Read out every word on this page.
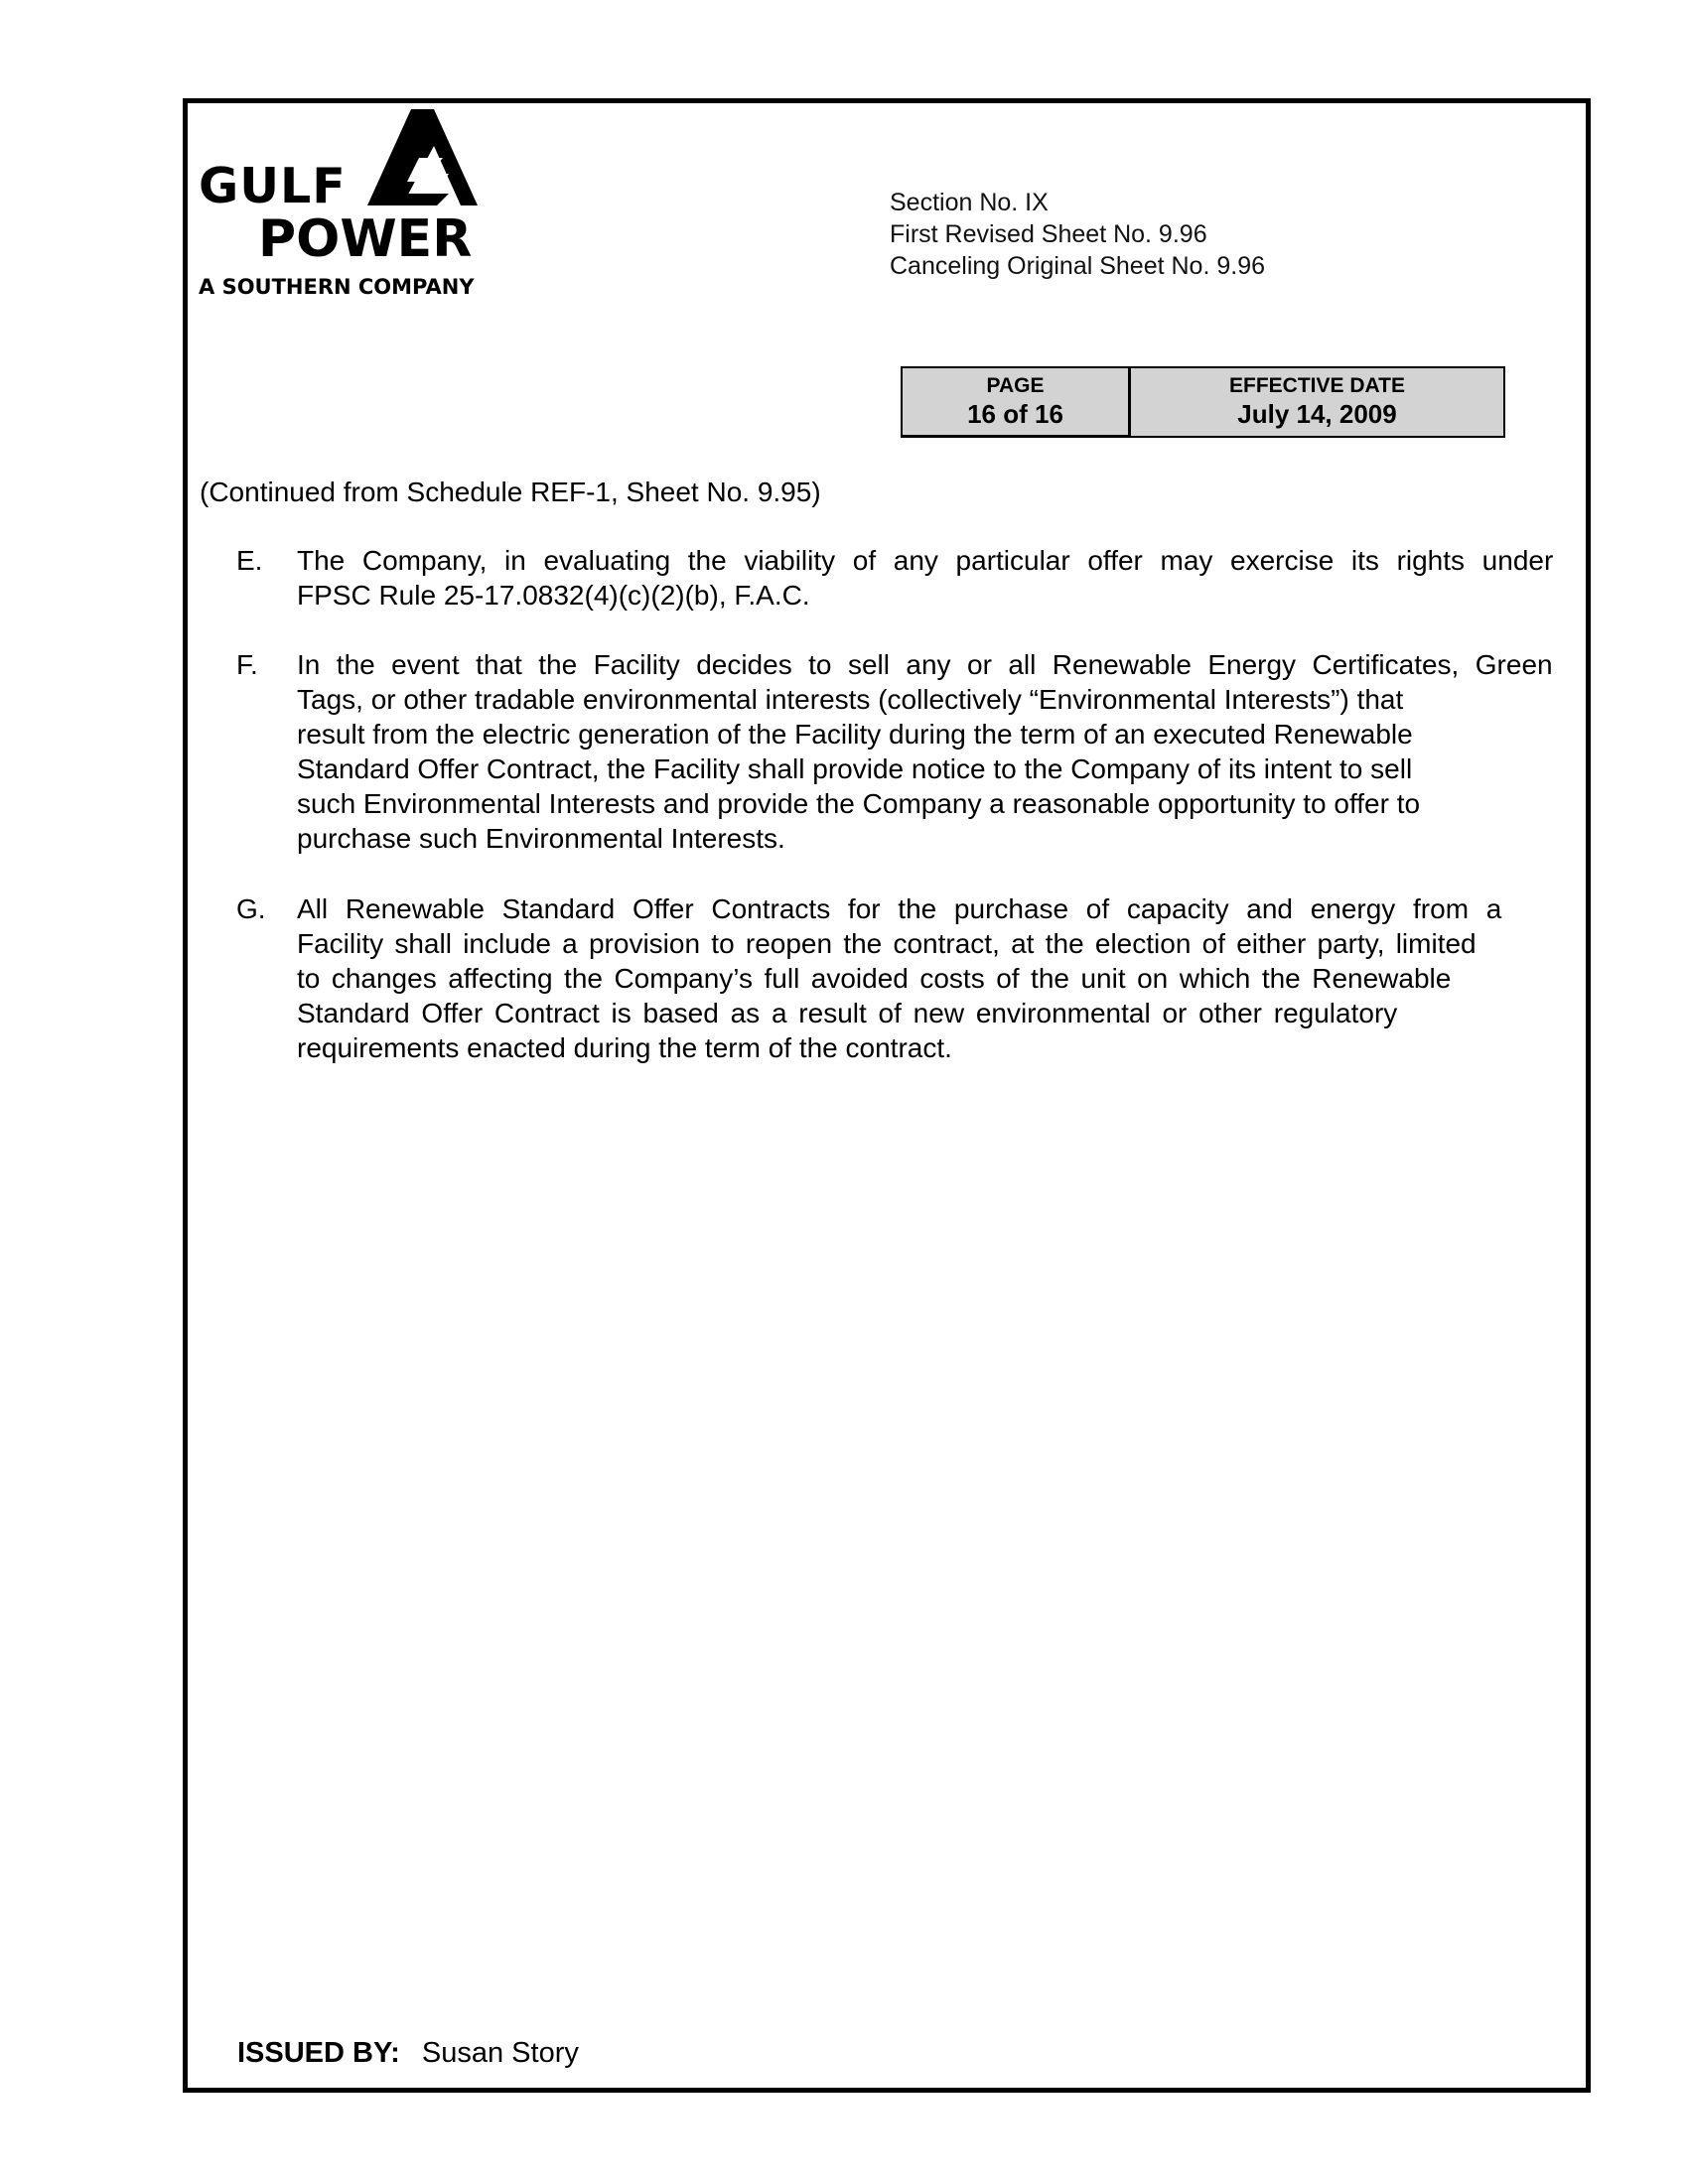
GULF
POWER
A SOUTHERN COMPANY
Section No. IX
First Revised Sheet No. 9.96
Canceling Original Sheet No. 9.96
PAGE
16 of 16
EFFECTIVE DATE
July 14, 2009
(Continued from Schedule REF-1, Sheet No. 9.95)
E. The Company, in evaluating the viability of any particular offer may exercise its rights under
FPSC Rule 25-17.0832(4)(c)(2)(b), F.A.C.
F. In the event that the Facility decides to sell any or all Renewable Energy Certificates, Green
Tags, or other tradable environmental interests (collectively “Environmental Interests”) that
result from the electric generation of the Facility during the term of an executed Renewable
Standard Offer Contract, the Facility shall provide notice to the Company of its intent to sell
such Environmental Interests and provide the Company a reasonable opportunity to offer to
purchase such Environmental Interests.
G. All Renewable Standard Offer Contracts for the purchase of capacity and energy from a
Facility shall include a provision to reopen the contract, at the election of either party, limited
to changes affecting the Company’s full avoided costs of the unit on which the Renewable
Standard Offer Contract is based as a result of new environmental or other regulatory
requirements enacted during the term of the contract.
ISSUED BY: Susan Story
